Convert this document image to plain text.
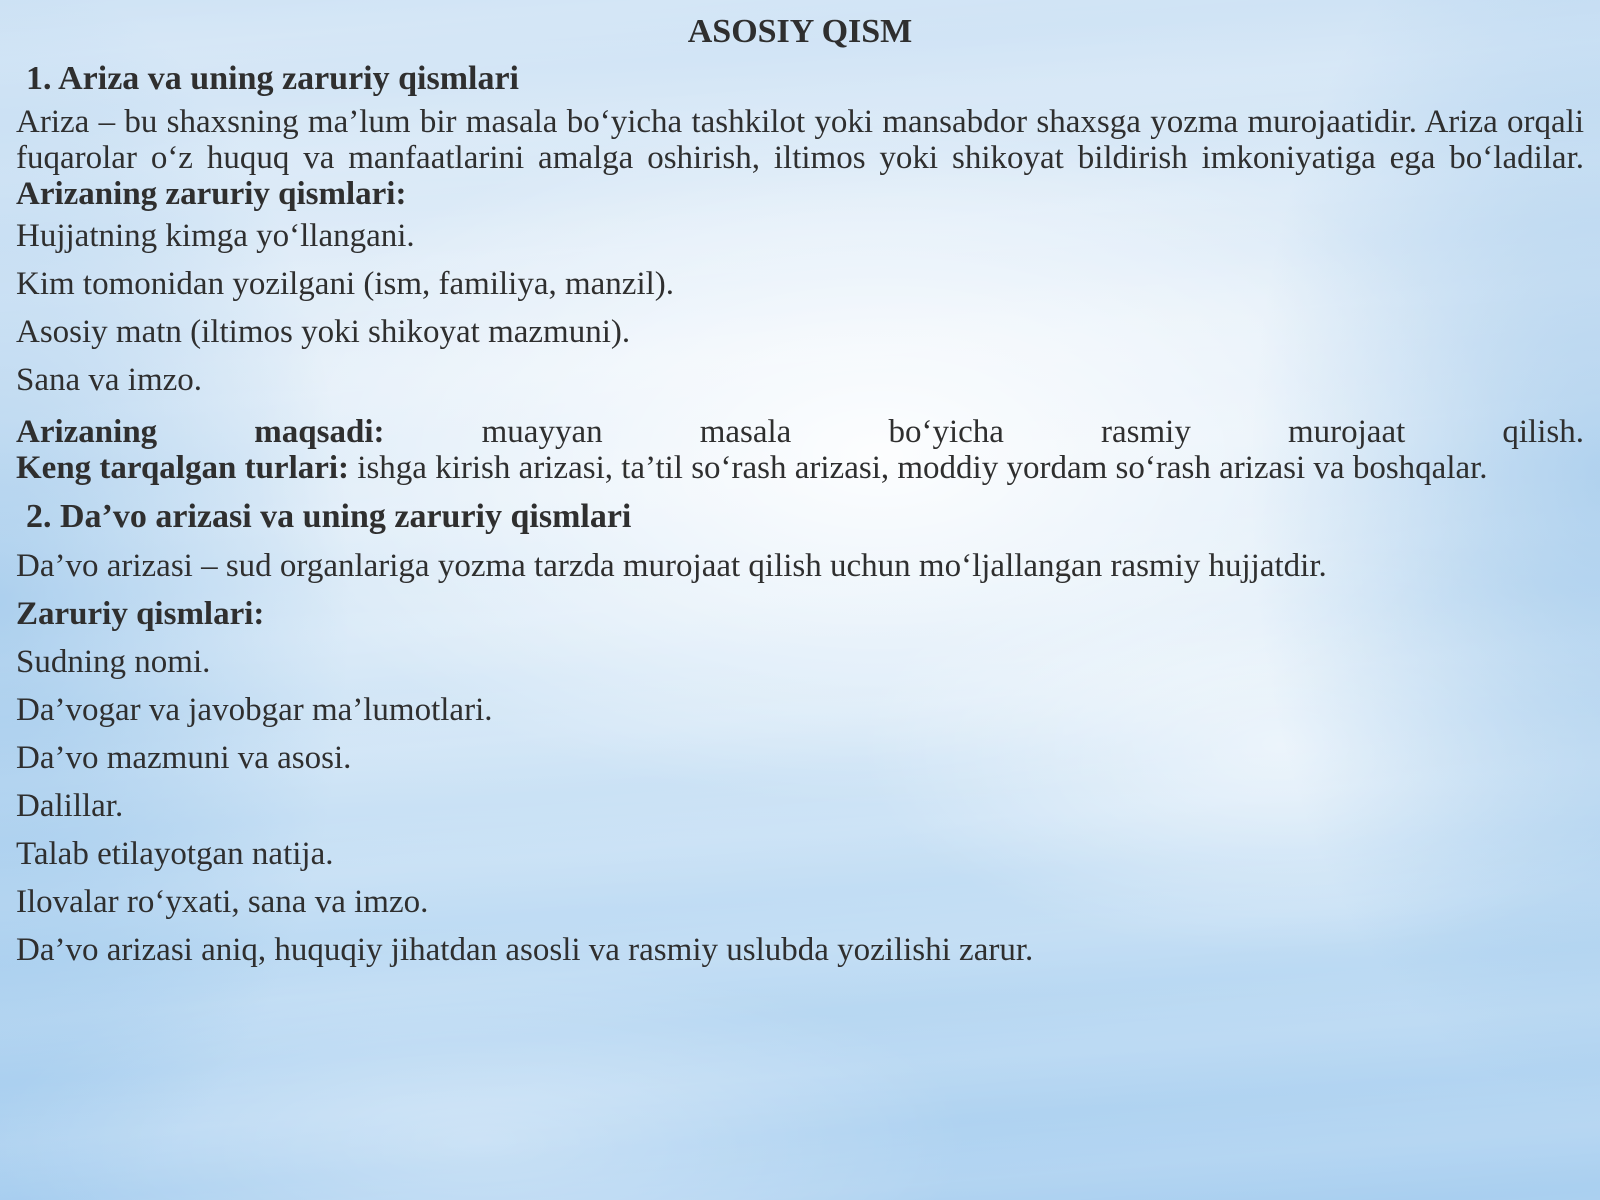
ASOSIY QISM
1. Ariza va uning zaruriy qismlari

Ariza – bu shaxsning ma’lum bir masala bo‘yicha tashkilot yoki mansabdor shaxsga yozma murojaatidir. Ariza orqali fuqarolar o‘z huquq va manfaatlarini amalga oshirish, iltimos yoki shikoyat bildirish imkoniyatiga ega bo‘ladilar.

Arizaning zaruriy qismlari:

Hujjatning kimga yo‘llangani.
Kim tomonidan yozilgani (ism, familiya, manzil).
Asosiy matn (iltimos yoki shikoyat mazmuni).
Sana va imzo.

Arizaning maqsadi: muayyan masala bo‘yicha rasmiy murojaat qilish.

Keng tarqalgan turlari: ishga kirish arizasi, ta’til so‘rash arizasi, moddiy yordam so‘rash arizasi va boshqalar.

2. Da’vo arizasi va uning zaruriy qismlari
Da’vo arizasi – sud organlariga yozma tarzda murojaat qilish uchun mo‘ljallangan rasmiy hujjatdir.
Zaruriy qismlari:
Sudning nomi.
Da’vogar va javobgar ma’lumotlari.
Da’vo mazmuni va asosi.
Dalillar.
Talab etilayotgan natija.
Ilovalar ro‘yxati, sana va imzo.
Da’vo arizasi aniq, huquqiy jihatdan asosli va rasmiy uslubda yozilishi zarur.
